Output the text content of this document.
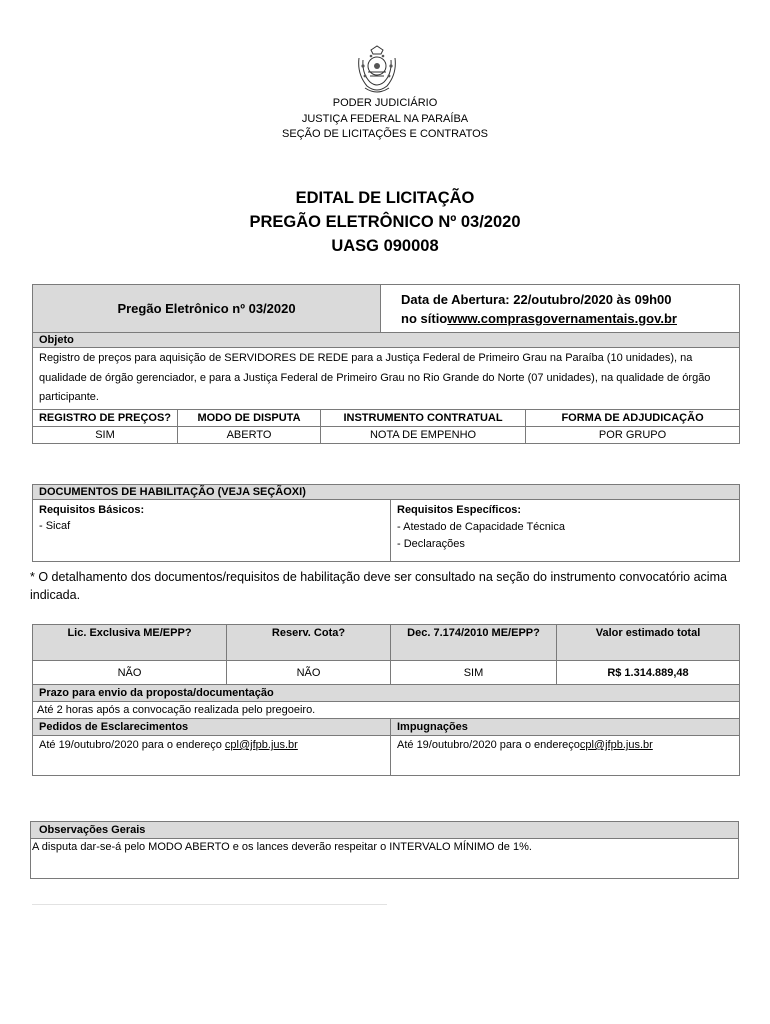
PODER JUDICIÁRIO
JUSTIÇA FEDERAL NA PARAÍBA
SEÇÃO DE LICITAÇÕES E CONTRATOS
EDITAL DE LICITAÇÃO
PREGÃO ELETRÔNICO Nº 03/2020
UASG 090008
Pregão Eletrônico nº 03/2020			Data de Abertura: 22/outubro/2020 às 09h00
no sítiowww.comprasgovernamentais.gov.br	

Objeto				
Registro de preços para aquisição de SERVIDORES DE REDE para a Justiça Federal de Primeiro Grau na Paraíba (10 unidades), na qualidade de órgão gerenciador, e para a Justiça Federal de Primeiro Grau no Rio Grande do Norte (07 unidades), na qualidade de órgão participante.				
REGISTRO DE PREÇOS?	MODO DE DISPUTA	INSTRUMENTO CONTRATUAL		FORMA DE ADJUDICAÇÃO
SIM	ABERTO	NOTA DE EMPENHO		POR GRUPO
DOCUMENTOS DE HABILITAÇÃO (VEJA SEÇÃOXI)

Requisitos Básicos:
- Sicaf

Requisitos Específicos:
- Atestado de Capacidade Técnica
- Declarações
* O detalhamento dos documentos/requisitos de habilitação deve ser consultado na seção do instrumento convocatório acima indicada.
Lic. Exclusiva ME/EPP?	Reserv. Cota?	Dec. 7.174/2010 ME/EPP?	Valor estimado total
NÃO	NÃO	SIM	R$ 1.314.889,48
Prazo para envio da proposta/documentação			
Até 2 horas após a convocação realizada pelo pregoeiro.			
Pedidos de Esclarecimentos		Impugnações	
Até 19/outubro/2020 para o endereço cpl@jfpb.jus.br		Até 19/outubro/2020 para o endereçocpl@jfpb.jus.br	
Observações Gerais
A disputa dar-se-á pelo MODO ABERTO e os lances deverão respeitar o INTERVALO MÍNIMO de 1%.
